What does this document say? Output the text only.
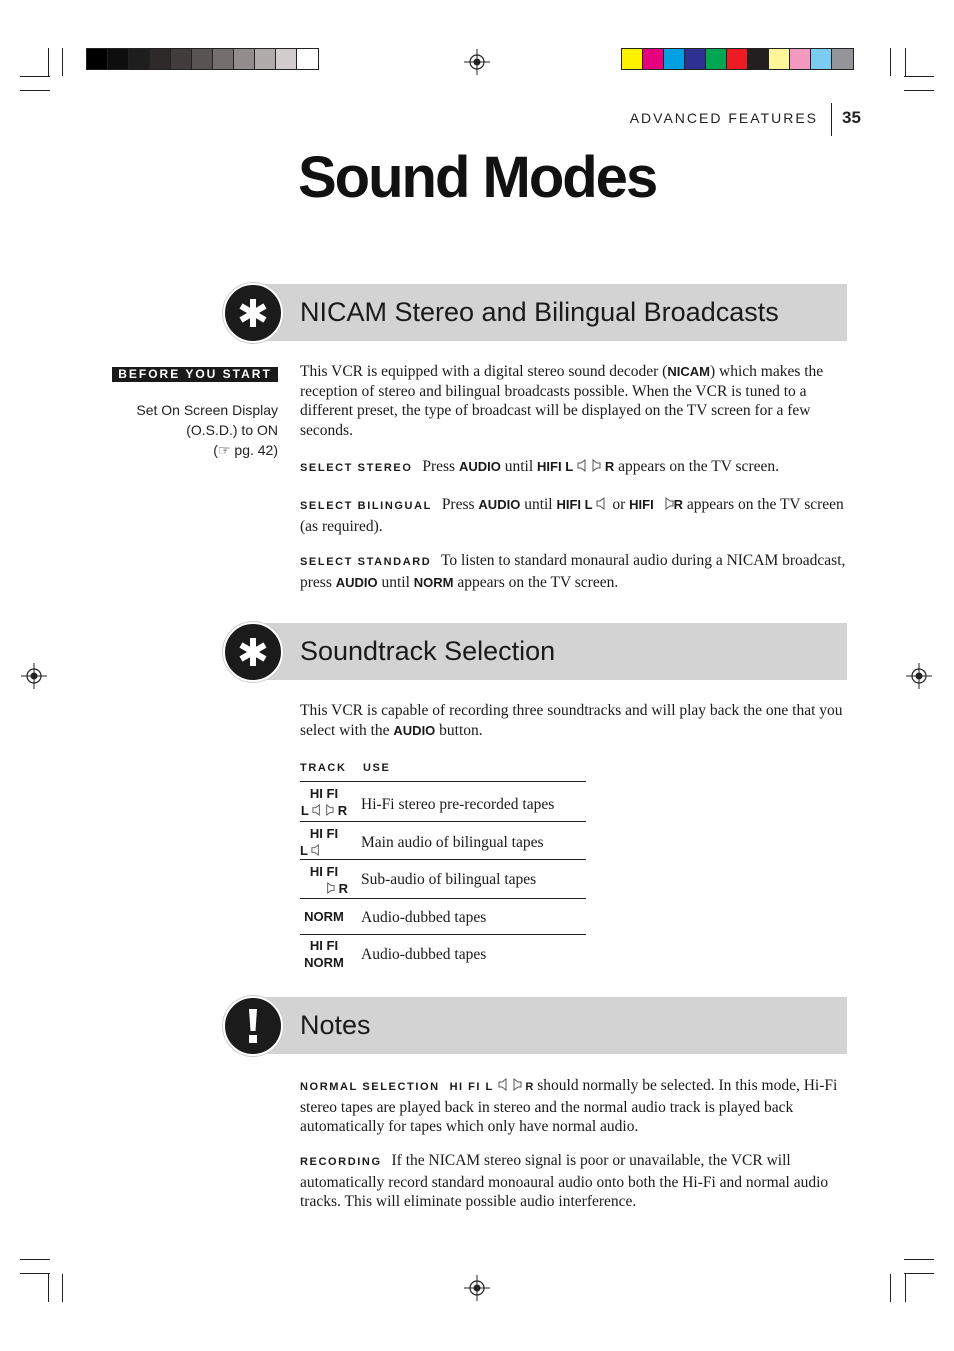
ADVANCED FEATURES 35
Sound Modes
NICAM Stereo and Bilingual Broadcasts
BEFORE YOU START
Set On Screen Display
(O.S.D.) to ON
(☞ pg. 42)
This VCR is equipped with a digital stereo sound decoder (NICAM) which makes the reception of stereo and bilingual broadcasts possible. When the VCR is tuned to a different preset, the type of broadcast will be displayed on the TV screen for a few seconds.
SELECT STEREO Press AUDIO until HIFI L R appears on the TV screen.
SELECT BILINGUAL Press AUDIO until HIFI L  or HIFI R appears on the TV screen (as required).
SELECT STANDARD To listen to standard monaural audio during a NICAM broadcast, press AUDIO until NORM appears on the TV screen.
Soundtrack Selection
This VCR is capable of recording three soundtracks and will play back the one that you select with the AUDIO button.
TRACK USE
HI FI
L R Hi-Fi stereo pre-recorded tapes
HI FI
L	Main audio of bilingual tapes
HI FI
R
Sub-audio of bilingual tapes
NORM Audio-dubbed tapes
HI FI
NORM Audio-dubbed tapes
Notes
NORMAL SELECTION HI FI L	R should normally be selected. In this mode, Hi-Fi stereo tapes are played back in stereo and the normal audio track is played back automatically for tapes which only have normal audio.
RECORDING If the NICAM stereo signal is poor or unavailable, the VCR will automatically record standard monoaural audio onto both the Hi-Fi and normal audio tracks. This will eliminate possible audio interference.
